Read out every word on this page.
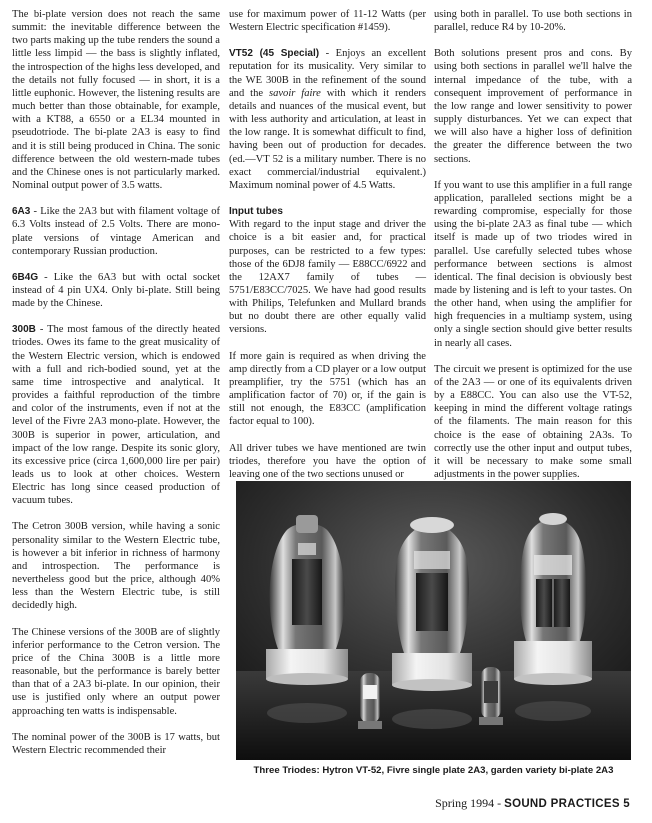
The bi-plate version does not reach the same summit: the inevitable difference between the two parts making up the tube renders the sound a little less limpid — the bass is slightly inflated, the introspection of the highs less developed, and the details not fully focused — in short, it is a little euphonic. However, the listening results are much better than those obtainable, for example, with a KT88, a 6550 or a EL34 mounted in pseudotriode. The bi-plate 2A3 is easy to find and it is still being produced in China. The sonic difference between the old western-made tubes and the Chinese ones is not particularly marked. Nominal output power of 3.5 watts.

6A3 - Like the 2A3 but with filament voltage of 6.3 Volts instead of 2.5 Volts. There are mono-plate versions of vintage American and contemporary Russian production.

6B4G - Like the 6A3 but with octal socket instead of 4 pin UX4. Only bi-plate. Still being made by the Chinese.

300B - The most famous of the directly heated triodes. Owes its fame to the great musicality of the Western Electric version, which is endowed with a full and rich-bodied sound, yet at the same time introspective and analytical. It provides a faithful reproduction of the timbre and color of the instruments, even if not at the level of the Fivre 2A3 mono-plate. However, the 300B is superior in power, articulation, and impact of the low range. Despite its sonic glory, its excessive price (circa 1,600,000 lire per pair) leads us to look at other choices. Western Electric has long since ceased production of vacuum tubes.

The Cetron 300B version, while having a sonic personality similar to the Western Electric tube, is however a bit inferior in richness of harmony and introspection. The performance is nevertheless good but the price, although 40% less than the Western Electric tube, is still decidedly high.

The Chinese versions of the 300B are of slightly inferior performance to the Cetron version. The price of the China 300B is a little more reasonable, but the performance is barely better than that of a 2A3 bi-plate. In our opinion, their use is justified only where an output power approaching ten watts is indispensable.

The nominal power of the 300B is 17 watts, but Western Electric recommended their

use for maximum power of 11-12 Watts (per Western Electric specification #1459).

VT52 (45 Special) - Enjoys an excellent reputation for its musicality. Very similar to the WE 300B in the refinement of the sound and the savoir faire with which it renders details and nuances of the musical event, but with less authority and articulation, at least in the low range. It is somewhat difficult to find, having been out of production for decades. (ed.—VT 52 is a military number. There is no exact commercial/industrial equivalent.) Maximum nominal power of 4.5 Watts.

Input tubes
With regard to the input stage and driver the choice is a bit easier and, for practical purposes, can be restricted to a few types: those of the 6DJ8 family — E88CC/6922 and the 12AX7 family of tubes — 5751/E83CC/7025. We have had good results with Philips, Telefunken and Mullard brands but no doubt there are other equally valid versions.

If more gain is required as when driving the amp directly from a CD player or a low output preamplifier, try the 5751 (which has an amplification factor of 70) or, if the gain is still not enough, the E83CC (amplification factor equal to 100).

All driver tubes we have mentioned are twin triodes, therefore you have the option of leaving one of the two sections unused or

using both in parallel. To use both sections in parallel, reduce R4 by 10-20%.

Both solutions present pros and cons. By using both sections in parallel we'll halve the internal impedance of the tube, with a consequent improvement of performance in the low range and lower sensitivity to power supply disturbances. Yet we can expect that we will also have a higher loss of definition the greater the difference between the two sections.

If you want to use this amplifier in a full range application, paralleled sections might be a rewarding compromise, especially for those using the bi-plate 2A3 as final tube — which itself is made up of two triodes wired in parallel. Use carefully selected tubes whose performance between sections is almost identical. The final decision is obviously best made by listening and is left to your tastes. On the other hand, when using the amplifier for high frequencies in a multiamp system, using only a single section should give better results in nearly all cases.

The circuit we present is optimized for the use of the 2A3 — or one of its equivalents driven by a E88CC. You can also use the VT-52, keeping in mind the different voltage ratings of the filaments. The main reason for this choice is the ease of obtaining 2A3s. To correctly use the other input and output tubes, it will be necessary to make some small adjustments in the power supplies.

Three Triodes: Hytron VT-52, Fivre single plate 2A3, garden variety bi-plate 2A3
Spring 1994 - SOUND PRACTICES 5
